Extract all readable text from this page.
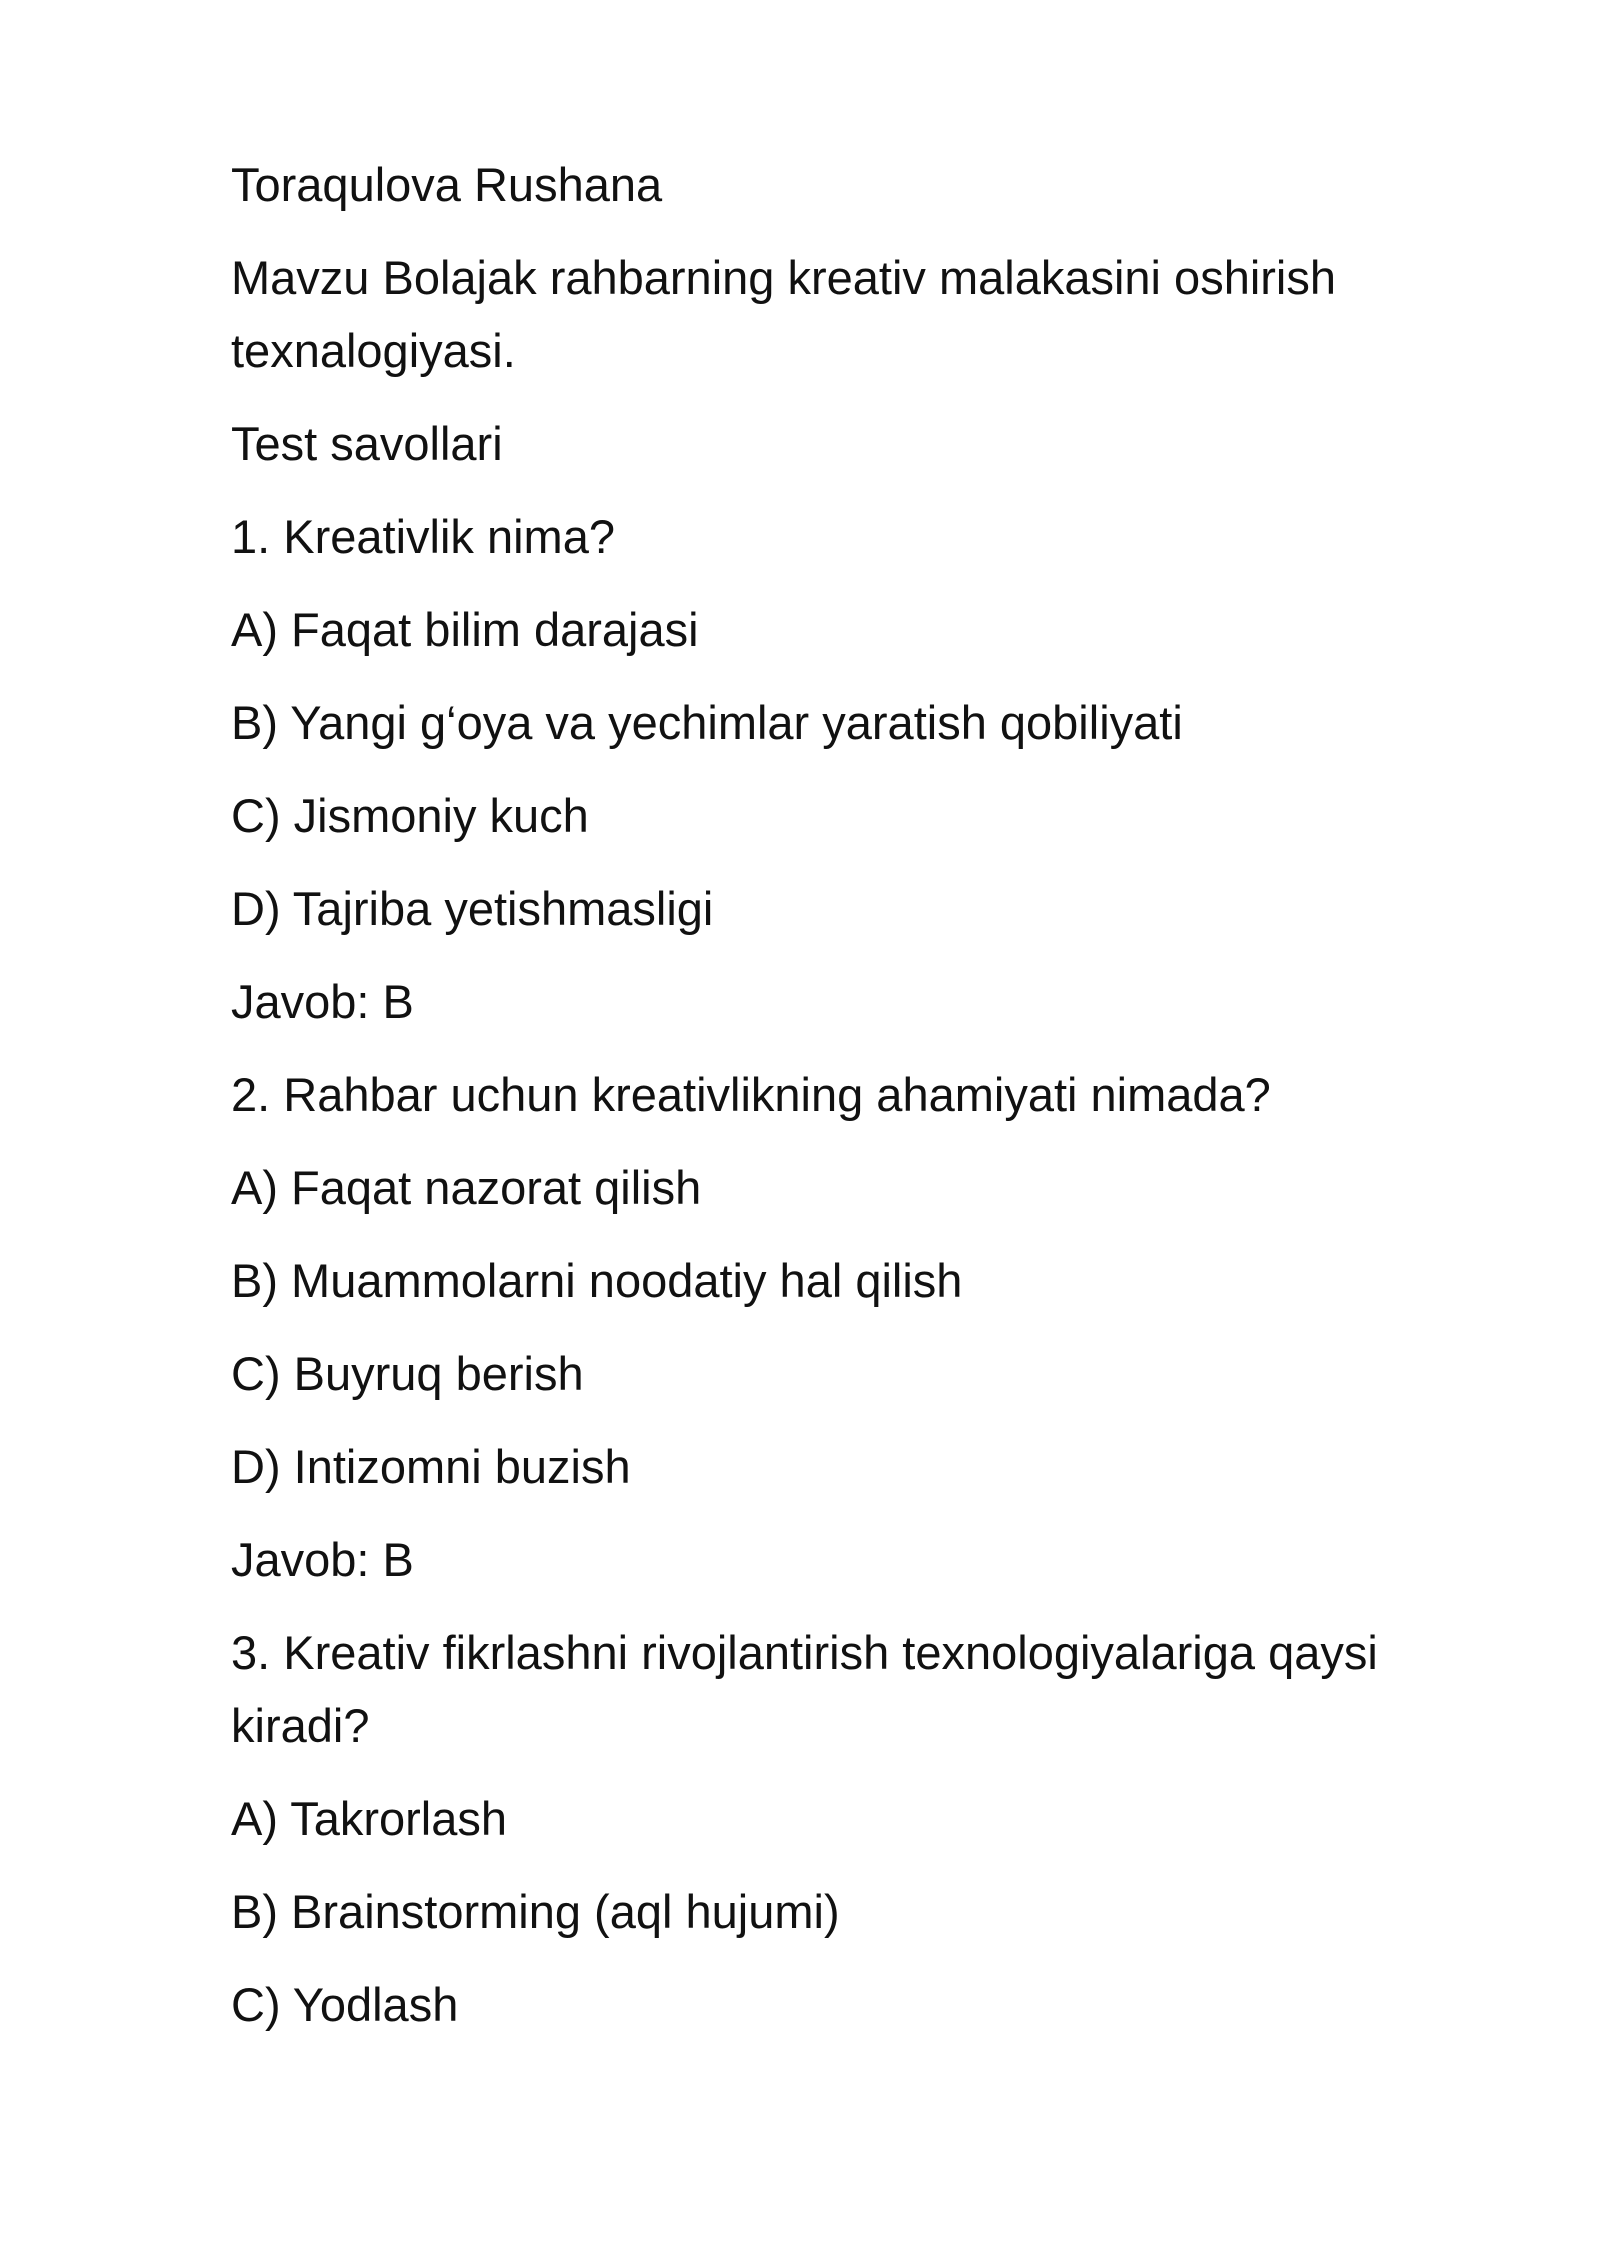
Toraqulova Rushana

Mavzu Bolajak rahbarning kreativ malakasini oshirish texnalogiyasi.

Test savollari

1. Kreativlik nima?

A) Faqat bilim darajasi

B) Yangi g‘oya va yechimlar yaratish qobiliyati

C) Jismoniy kuch

D) Tajriba yetishmasligi

Javob: B

2. Rahbar uchun kreativlikning ahamiyati nimada?

A) Faqat nazorat qilish

B) Muammolarni noodatiy hal qilish

C) Buyruq berish

D) Intizomni buzish

Javob: B

3. Kreativ fikrlashni rivojlantirish texnologiyalariga qaysi kiradi?

A) Takrorlash

B) Brainstorming (aql hujumi)

C) Yodlash
